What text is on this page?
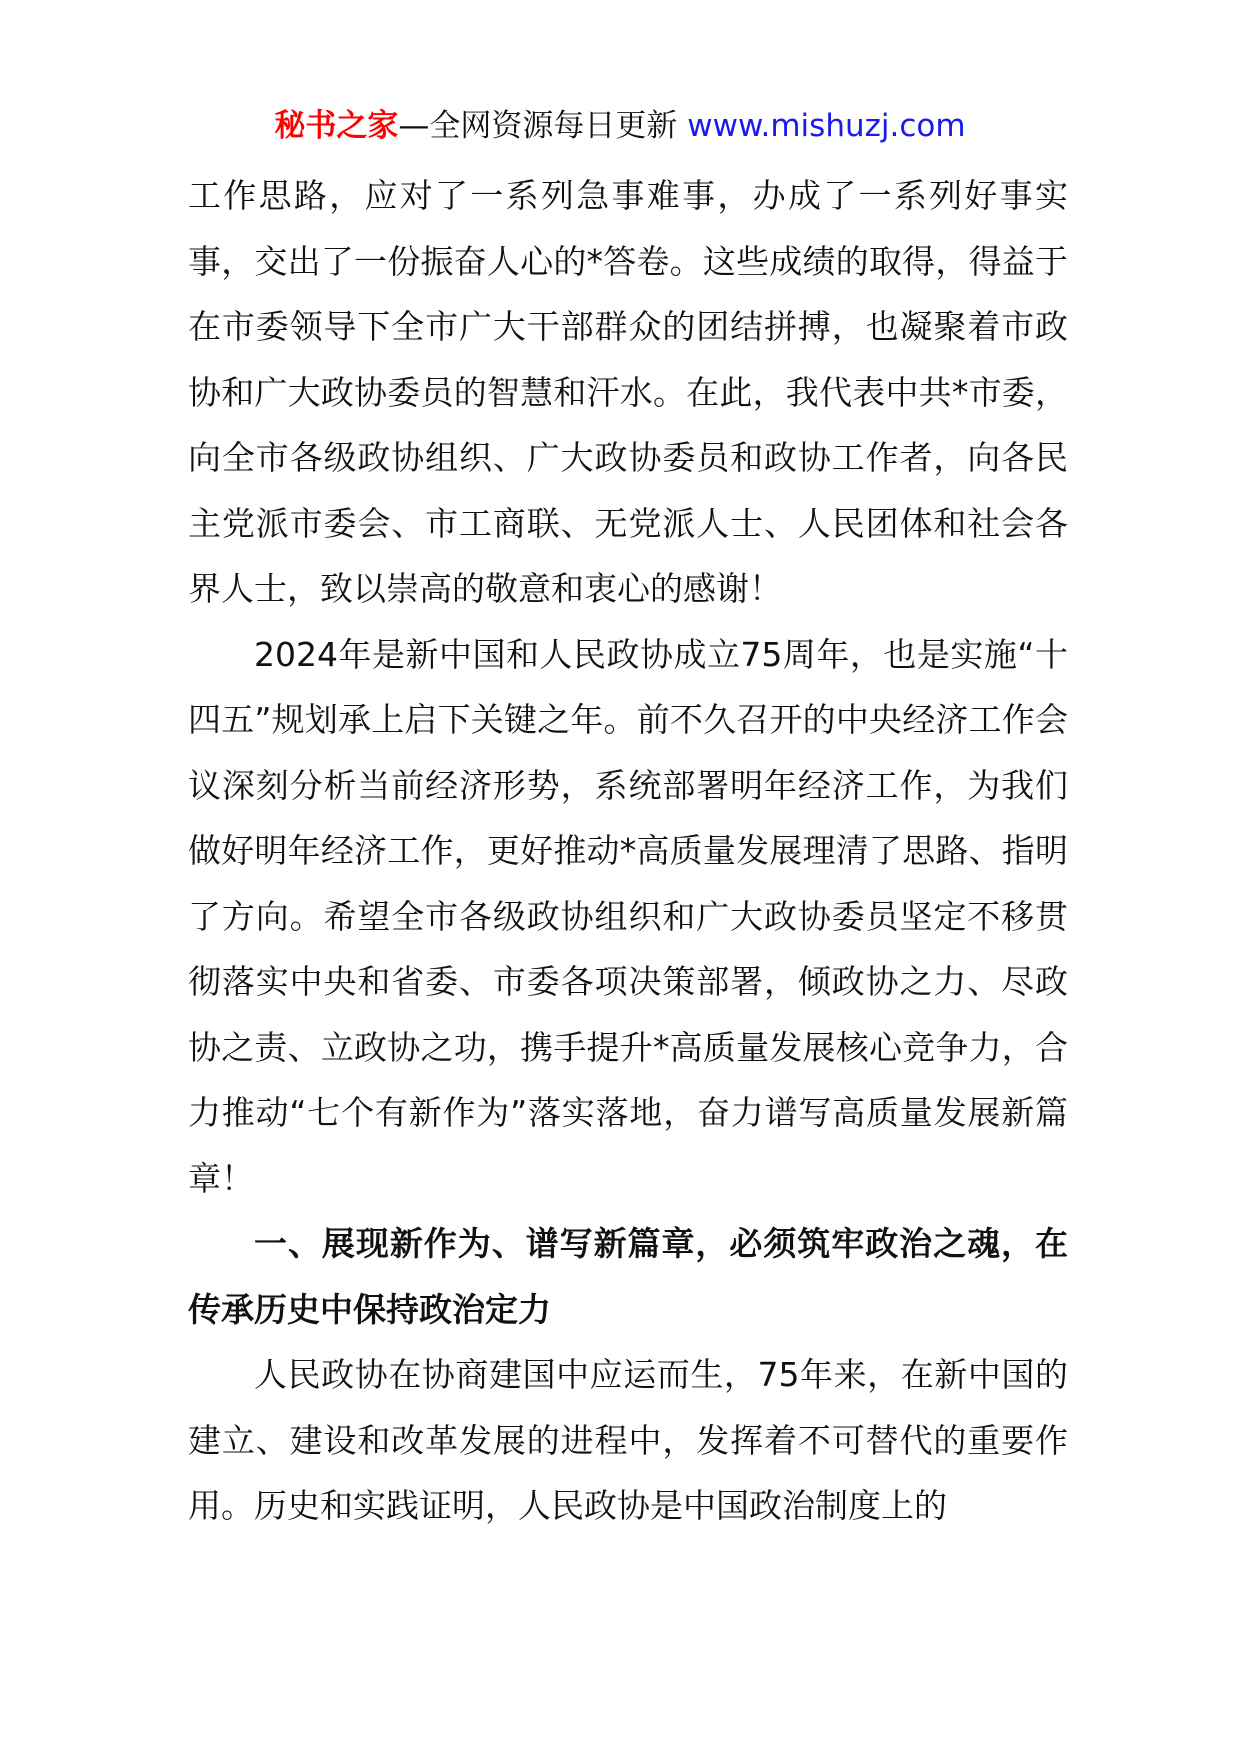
秘书之家—全网资源每日更新 www.mishuzj.com

工作思路，应对了一系列急事难事，办成了一系列好事实事，交出了一份振奋人心的*答卷。这些成绩的取得，得益于在市委领导下全市广大干部群众的团结拼搏，也凝聚着市政协和广大政协委员的智慧和汗水。在此，我代表中共*市委，向全市各级政协组织、广大政协委员和政协工作者，向各民主党派市委会、市工商联、无党派人士、人民团体和社会各界人士，致以崇高的敬意和衷心的感谢！

2024年是新中国和人民政协成立75周年，也是实施“十四五”规划承上启下关键之年。前不久召开的中央经济工作会议深刻分析当前经济形势，系统部署明年经济工作，为我们做好明年经济工作，更好推动*高质量发展理清了思路、指明了方向。希望全市各级政协组织和广大政协委员坚定不移贯彻落实中央和省委、市委各项决策部署，倾政协之力、尽政协之责、立政协之功，携手提升*高质量发展核心竞争力，合力推动“七个有新作为”落实落地，奋力谱写高质量发展新篇章！

一、展现新作为、谱写新篇章，必须筑牢政治之魂，在传承历史中保持政治定力

人民政协在协商建国中应运而生，75年来，在新中国的建立、建设和改革发展的进程中，发挥着不可替代的重要作用。历史和实践证明，人民政协是中国政治制度上的
